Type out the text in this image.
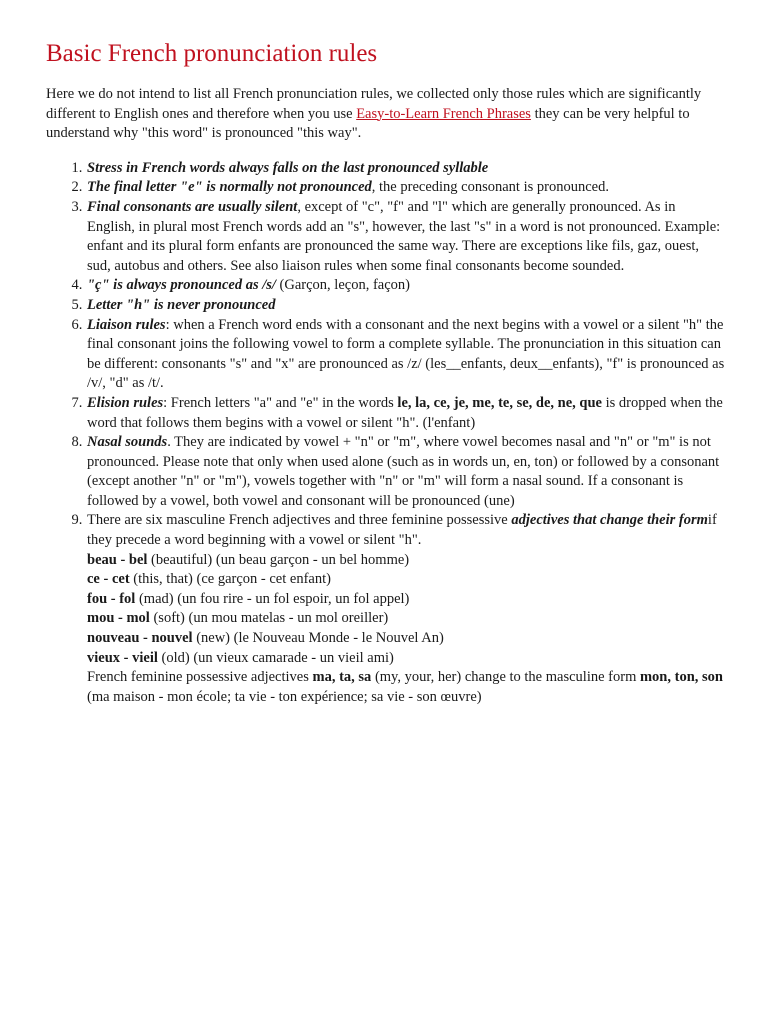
Basic French pronunciation rules

Here we do not intend to list all French pronunciation rules, we collected only those rules which are significantly different to English ones and therefore when you use Easy-to-Learn French Phrases they can be very helpful to understand why "this word" is pronounced "this way".

1. Stress in French words always falls on the last pronounced syllable
2. The final letter "e" is normally not pronounced, the preceding consonant is pronounced.
3. Final consonants are usually silent, except of "c", "f" and "l" which are generally pronounced. As in English, in plural most French words add an "s", however, the last "s" in a word is not pronounced. Example: enfant and its plural form enfants are pronounced the same way. There are exceptions like fils, gaz, ouest, sud, autobus and others. See also liaison rules when some final consonants become sounded.
4. "ç" is always pronounced as /s/ (Garçon, leçon, façon)
5. Letter "h" is never pronounced
6. Liaison rules: when a French word ends with a consonant and the next begins with a vowel or a silent "h" the final consonant joins the following vowel to form a complete syllable. The pronunciation in this situation can be different: consonants "s" and "x" are pronounced as /z/ (les__enfants, deux__enfants), "f" is pronounced as /v/, "d" as /t/.
7. Elision rules: French letters "a" and "e" in the words le, la, ce, je, me, te, se, de, ne, que is dropped when the word that follows them begins with a vowel or silent "h". (l'enfant)
8. Nasal sounds. They are indicated by vowel + "n" or "m", where vowel becomes nasal and "n" or "m" is not pronounced. Please note that only when used alone (such as in words un, en, ton) or followed by a consonant (except another "n" or "m"), vowels together with "n" or "m" will form a nasal sound. If a consonant is followed by a vowel, both vowel and consonant will be pronounced (une)
9. There are six masculine French adjectives and three feminine possessive adjectives that change their formif they precede a word beginning with a vowel or silent "h".
beau - bel (beautiful) (un beau garçon - un bel homme)
ce - cet (this, that) (ce garçon - cet enfant)
fou - fol (mad) (un fou rire - un fol espoir, un fol appel)
mou - mol (soft) (un mou matelas - un mol oreiller)
nouveau - nouvel (new) (le Nouveau Monde - le Nouvel An)
vieux - vieil (old) (un vieux camarade - un vieil ami)
French feminine possessive adjectives ma, ta, sa (my, your, her) change to the masculine form mon, ton, son (ma maison - mon école; ta vie - ton expérience; sa vie - son œuvre)
